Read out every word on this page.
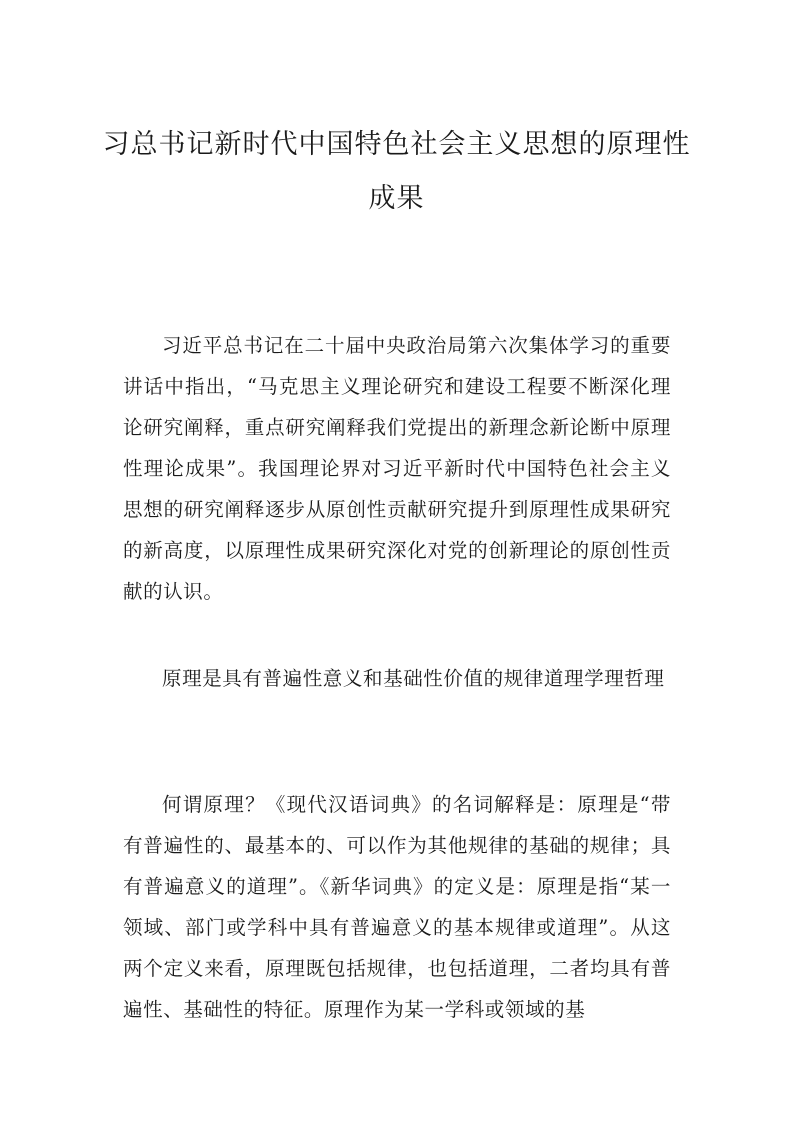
习总书记新时代中国特色社会主义思想的原理性成果

习近平总书记在二十届中央政治局第六次集体学习的重要讲话中指出，“马克思主义理论研究和建设工程要不断深化理论研究阐释，重点研究阐释我们党提出的新理念新论断中原理性理论成果”。我国理论界对习近平新时代中国特色社会主义思想的研究阐释逐步从原创性贡献研究提升到原理性成果研究的新高度，以原理性成果研究深化对党的创新理论的原创性贡献的认识。

原理是具有普遍性意义和基础性价值的规律道理学理哲理

何谓原理？《现代汉语词典》的名词解释是：原理是“带有普遍性的、最基本的、可以作为其他规律的基础的规律；具有普遍意义的道理”。《新华词典》的定义是：原理是指“某一领域、部门或学科中具有普遍意义的基本规律或道理”。从这两个定义来看，原理既包括规律，也包括道理，二者均具有普遍性、基础性的特征。原理作为某一学科或领域的基
